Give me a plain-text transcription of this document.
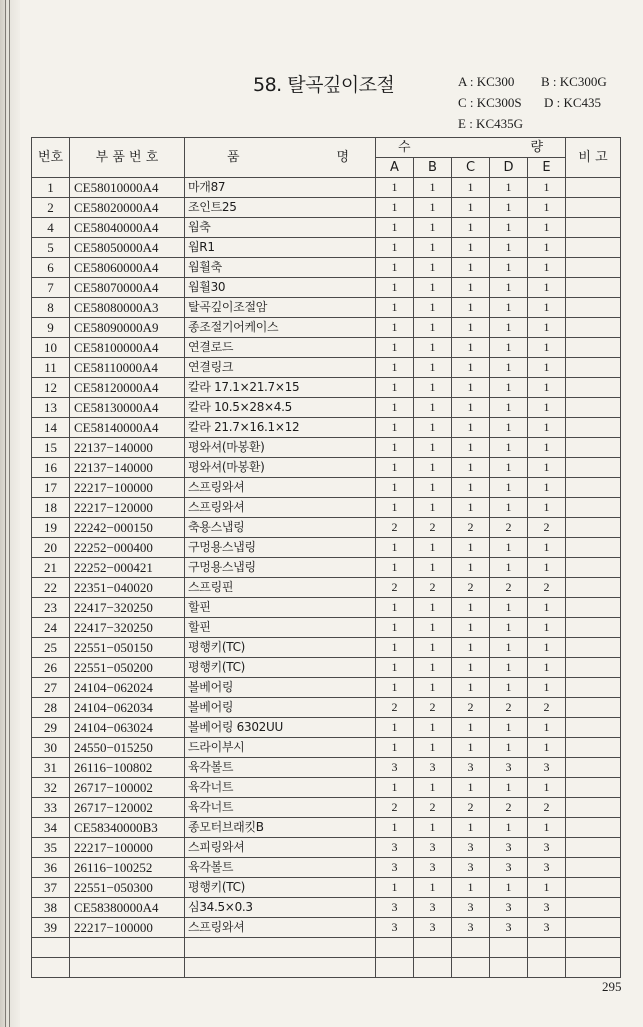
58. 탈곡깊이조절	A : KC300 B : KC300G
C : KC300S D : KC435
E : KC435G
번호	부 품 번 호	품 명	수 량					비 고
			A	B	C	D	E	
1	CE58010000A4	마개87	1	1	1	1	1	
2	CE58020000A4	조인트25	1	1	1	1	1	
4	CE58040000A4	웜축	1	1	1	1	1	
5	CE58050000A4	웜R1	1	1	1	1	1	
6	CE58060000A4	웜휠축	1	1	1	1	1	
7	CE58070000A4	웜휠30	1	1	1	1	1	
8	CE58080000A3	탈곡깊이조절암	1	1	1	1	1	
9	CE58090000A9	종조절기어케이스	1	1	1	1	1	
10	CE58100000A4	연결로드	1	1	1	1	1	
11	CE58110000A4	연결링크	1	1	1	1	1	
12	CE58120000A4	칼라 17.1×21.7×15	1	1	1	1	1	
13	CE58130000A4	칼라 10.5×28×4.5	1	1	1	1	1	
14	CE58140000A4	칼라 21.7×16.1×12	1	1	1	1	1	
15	22137−140000	평와셔(마봉환)	1	1	1	1	1	
16	22137−140000	평와셔(마봉환)	1	1	1	1	1	
17	22217−100000	스프링와셔	1	1	1	1	1	
18	22217−120000	스프링와셔	1	1	1	1	1	
19	22242−000150	축용스냅링	2	2	2	2	2	
20	22252−000400	구멍용스냅링	1	1	1	1	1	
21	22252−000421	구멍용스냅링	1	1	1	1	1	
22	22351−040020	스프링핀	2	2	2	2	2	
23	22417−320250	할핀	1	1	1	1	1	
24	22417−320250	할핀	1	1	1	1	1	
25	22551−050150	평행키(TC)	1	1	1	1	1	
26	22551−050200	평행키(TC)	1	1	1	1	1	
27	24104−062024	볼베어링	1	1	1	1	1	
28	24104−062034	볼베어링	2	2	2	2	2	
29	24104−063024	볼베어링 6302UU	1	1	1	1	1	
30	24550−015250	드라이부시	1	1	1	1	1	
31	26116−100802	육각볼트	3	3	3	3	3	
32	26717−100002	육각너트	1	1	1	1	1	
33	26717−120002	육각너트	2	2	2	2	2	
34	CE58340000B3	종모터브래킷B	1	1	1	1	1	
35	22217−100000	스피링와셔	3	3	3	3	3	
36	26116−100252	육각볼트	3	3	3	3	3	
37	22551−050300	평행키(TC)	1	1	1	1	1	
38	CE58380000A4	심34.5×0.3	3	3	3	3	3	
39	22217−100000	스프링와셔	3	3	3	3	3	

295
